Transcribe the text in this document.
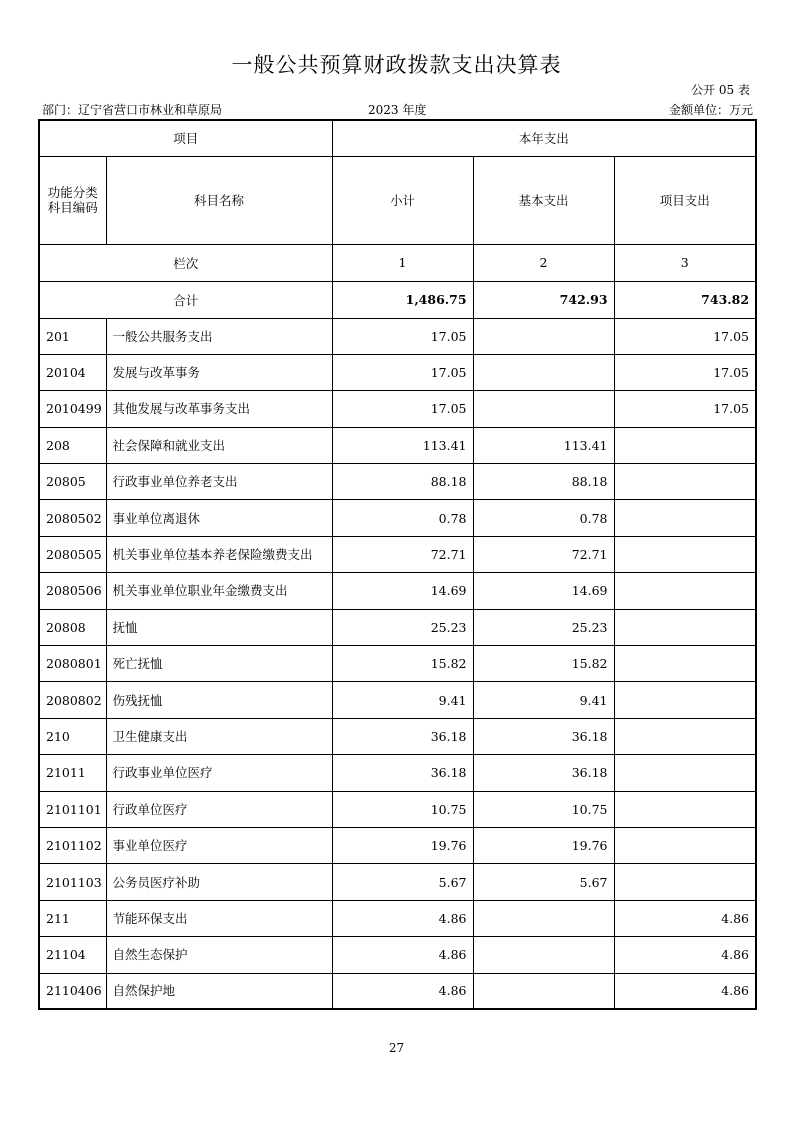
一般公共预算财政拨款支出决算表
公开 05 表
部门：辽宁省营口市林业和草原局	2023 年度	金额单位：万元
项目		本年支出		
功能分类科目编码	科目名称	小计	基本支出	项目支出
栏次		1	2	3
合计		1,486.75	742.93	743.82
201	一般公共服务支出	17.05		17.05
20104	发展与改革事务	17.05		17.05
2010499	其他发展与改革事务支出	17.05		17.05
208	社会保障和就业支出	113.41	113.41	
20805	行政事业单位养老支出	88.18	88.18	
2080502	事业单位离退休	0.78	0.78	
2080505	机关事业单位基本养老保险缴费支出	72.71	72.71	
2080506	机关事业单位职业年金缴费支出	14.69	14.69	
20808	抚恤	25.23	25.23	
2080801	死亡抚恤	15.82	15.82	
2080802	伤残抚恤	9.41	9.41	
210	卫生健康支出	36.18	36.18	
21011	行政事业单位医疗	36.18	36.18	
2101101	行政单位医疗	10.75	10.75	
2101102	事业单位医疗	19.76	19.76	
2101103	公务员医疗补助	5.67	5.67	
211	节能环保支出	4.86		4.86
21104	自然生态保护	4.86		4.86
2110406	自然保护地	4.86		4.86
27
